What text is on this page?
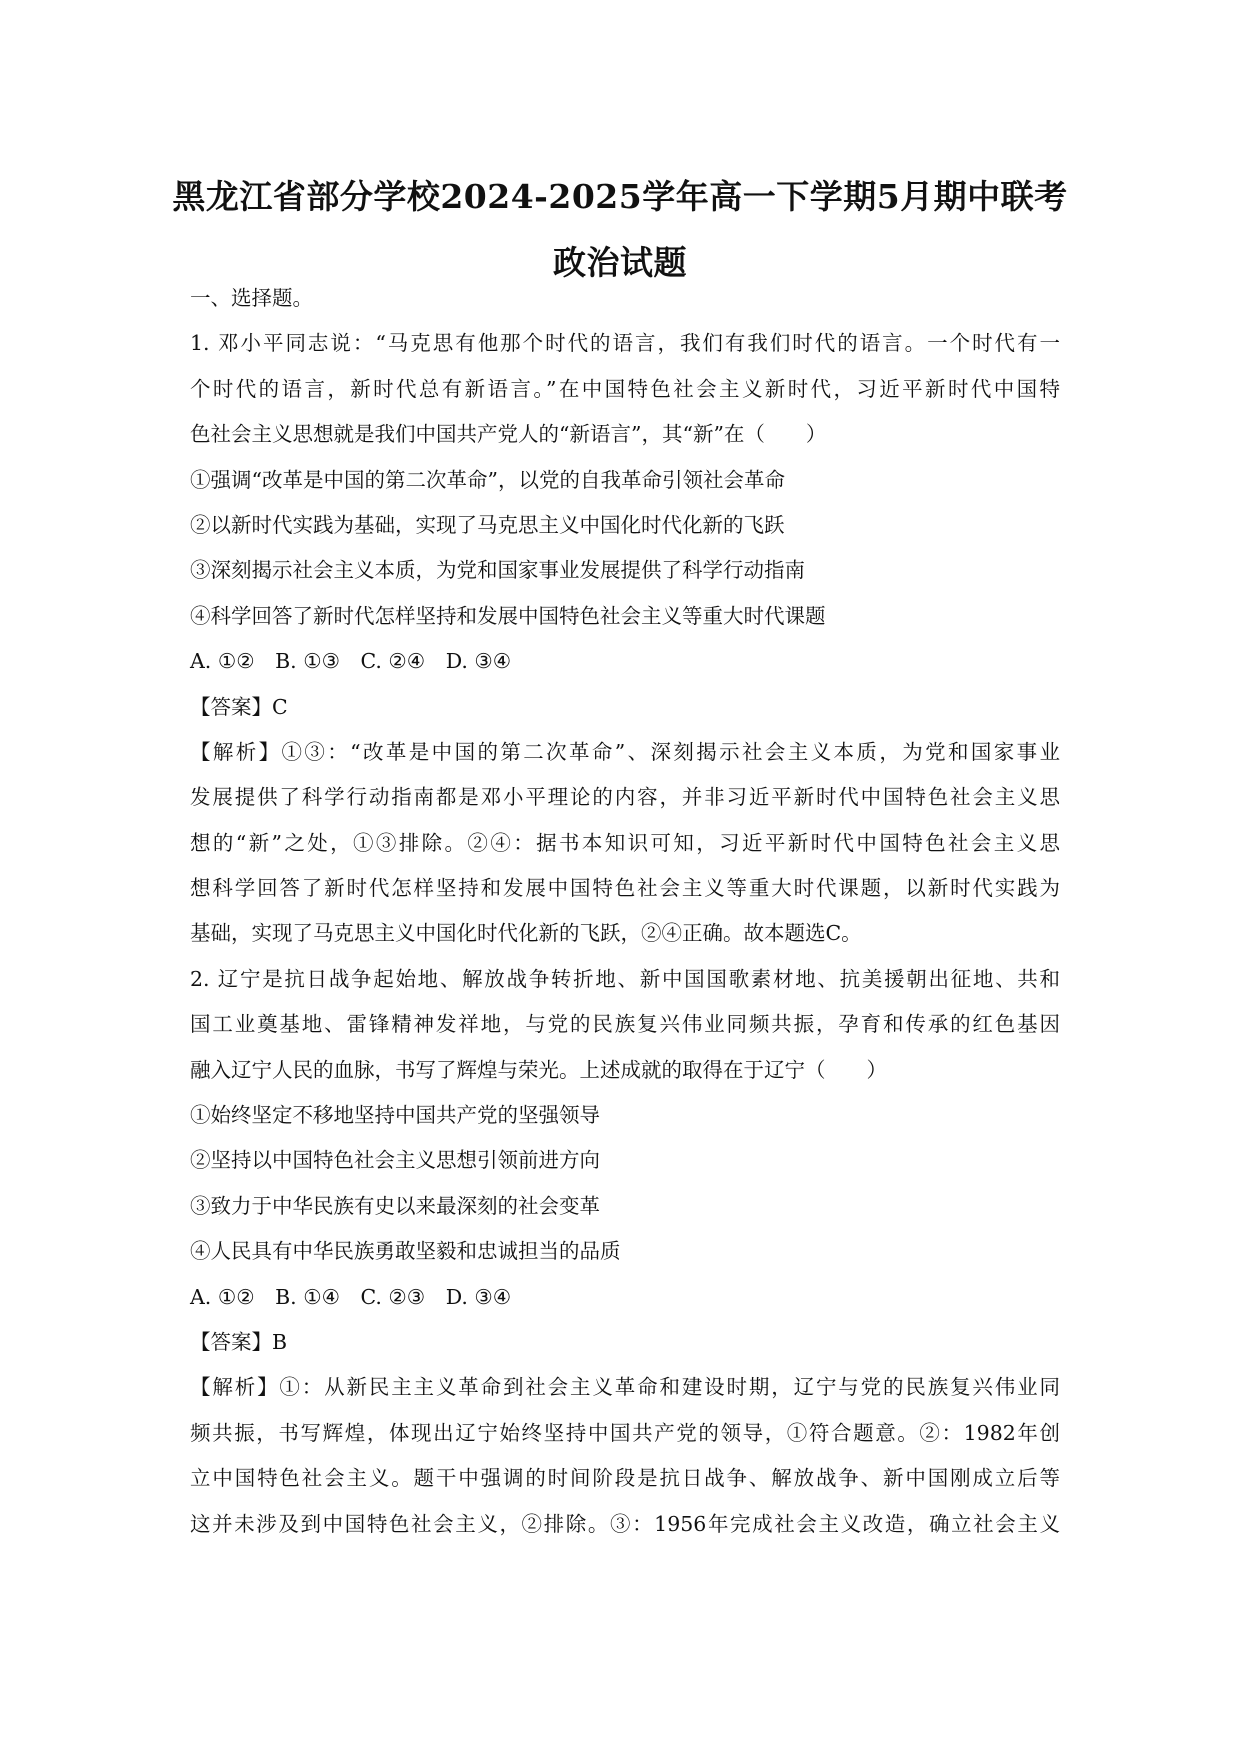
黑龙江省部分学校2024-2025学年高一下学期5月期中联考
政治试题
一、选择题。
1. 邓小平同志说：“马克思有他那个时代的语言，我们有我们时代的语言。一个时代有一
个时代的语言，新时代总有新语言。”在中国特色社会主义新时代，习近平新时代中国特
色社会主义思想就是我们中国共产党人的“新语言”，其“新”在（　　）
①强调“改革是中国的第二次革命”，以党的自我革命引领社会革命
②以新时代实践为基础，实现了马克思主义中国化时代化新的飞跃
③深刻揭示社会主义本质，为党和国家事业发展提供了科学行动指南
④科学回答了新时代怎样坚持和发展中国特色社会主义等重大时代课题
A. ①②　B. ①③　C. ②④　D. ③④
【答案】C
【解析】①③：“改革是中国的第二次革命”、深刻揭示社会主义本质，为党和国家事业
发展提供了科学行动指南都是邓小平理论的内容，并非习近平新时代中国特色社会主义思
想的“新”之处，①③排除。②④：据书本知识可知，习近平新时代中国特色社会主义思
想科学回答了新时代怎样坚持和发展中国特色社会主义等重大时代课题，以新时代实践为
基础，实现了马克思主义中国化时代化新的飞跃，②④正确。故本题选C。
2. 辽宁是抗日战争起始地、解放战争转折地、新中国国歌素材地、抗美援朝出征地、共和
国工业奠基地、雷锋精神发祥地，与党的民族复兴伟业同频共振，孕育和传承的红色基因
融入辽宁人民的血脉，书写了辉煌与荣光。上述成就的取得在于辽宁（　　）
①始终坚定不移地坚持中国共产党的坚强领导
②坚持以中国特色社会主义思想引领前进方向
③致力于中华民族有史以来最深刻的社会变革
④人民具有中华民族勇敢坚毅和忠诚担当的品质
A. ①②　B. ①④　C. ②③　D. ③④
【答案】B
【解析】①：从新民主主义革命到社会主义革命和建设时期，辽宁与党的民族复兴伟业同
频共振，书写辉煌，体现出辽宁始终坚持中国共产党的领导，①符合题意。②：1982年创
立中国特色社会主义。题干中强调的时间阶段是抗日战争、解放战争、新中国刚成立后等
这并未涉及到中国特色社会主义，②排除。③：1956年完成社会主义改造，确立社会主义
